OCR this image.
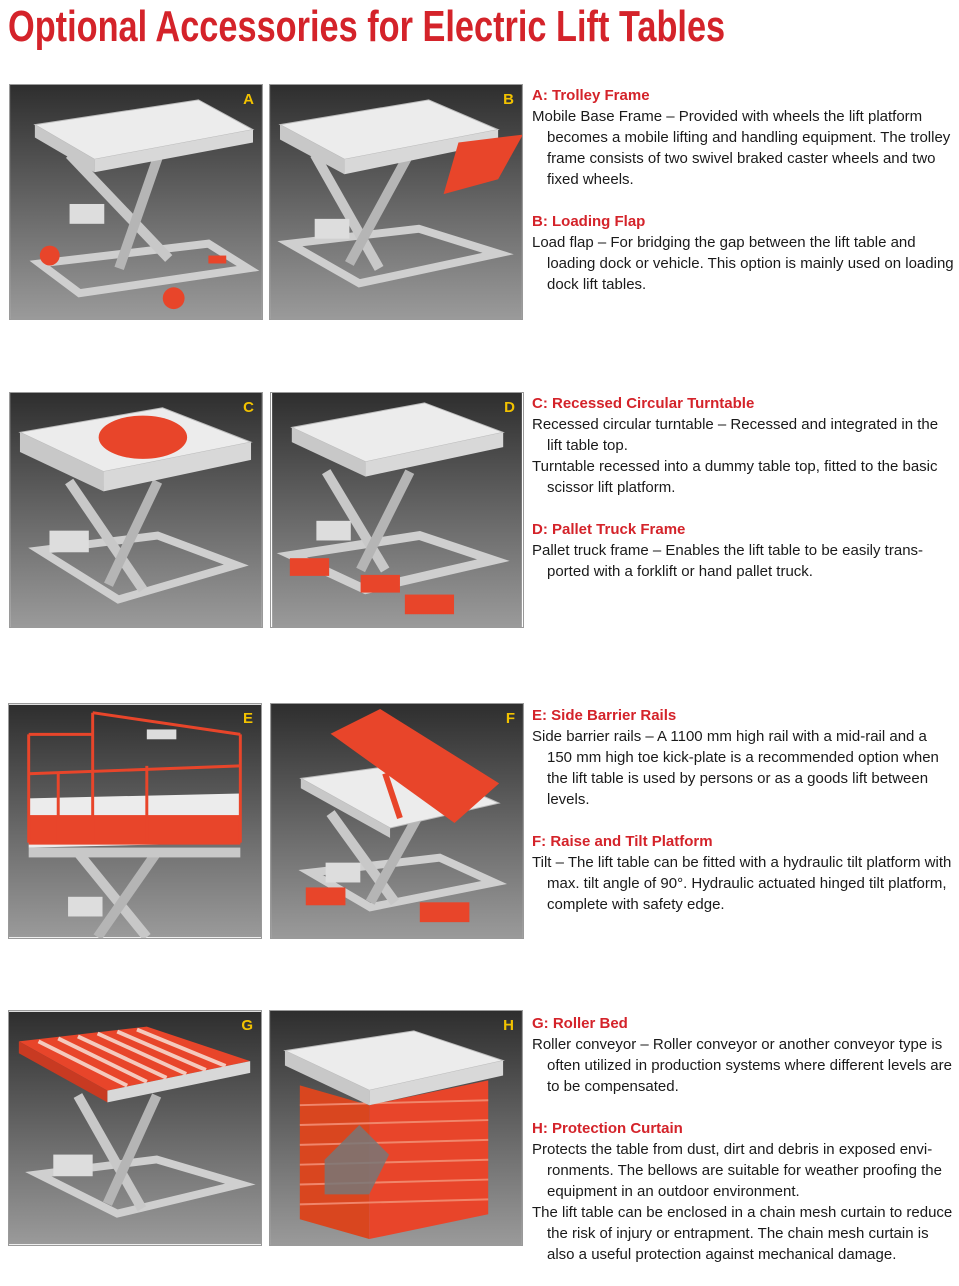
Optional Accessories for Electric Lift Tables
A	B
C	D
E	F
G	H
A: Trolley Frame

Mobile Base Frame – Provided with wheels the lift platform becomes a mobile lifting and handling equipment. The trolley frame consists of two swivel braked caster wheels and two fixed wheels.

B: Loading Flap

Load flap – For bridging the gap between the lift table and loading dock or vehicle. This option is mainly used on loading dock lift tables.

C: Recessed Circular Turntable

Recessed circular turntable – Recessed and integrated in the lift table top.

Turntable recessed into a dummy table top, fitted to the basic scissor lift platform.

D: Pallet Truck Frame

Pallet truck frame – Enables the lift table to be easily trans-ported with a forklift or hand pallet truck.

E: Side Barrier Rails

Side barrier rails – A 1100 mm high rail with a mid-rail and a 150 mm high toe kick-plate is a recommended option when the lift table is used by persons or as a goods lift between levels.

F: Raise and Tilt Platform

Tilt – The lift table can be fitted with a hydraulic tilt platform with max. tilt angle of 90°. Hydraulic actuated hinged tilt platform, complete with safety edge.

G: Roller Bed

Roller conveyor – Roller conveyor or another conveyor type is often utilized in production systems where different levels are to be compensated.

H: Protection Curtain

Protects the table from dust, dirt and debris in exposed envi-ronments. The bellows are suitable for weather proofing the equipment in an outdoor environment.

The lift table can be enclosed in a chain mesh curtain to reduce the risk of injury or entrapment. The chain mesh curtain is also a useful protection against mechanical damage.
